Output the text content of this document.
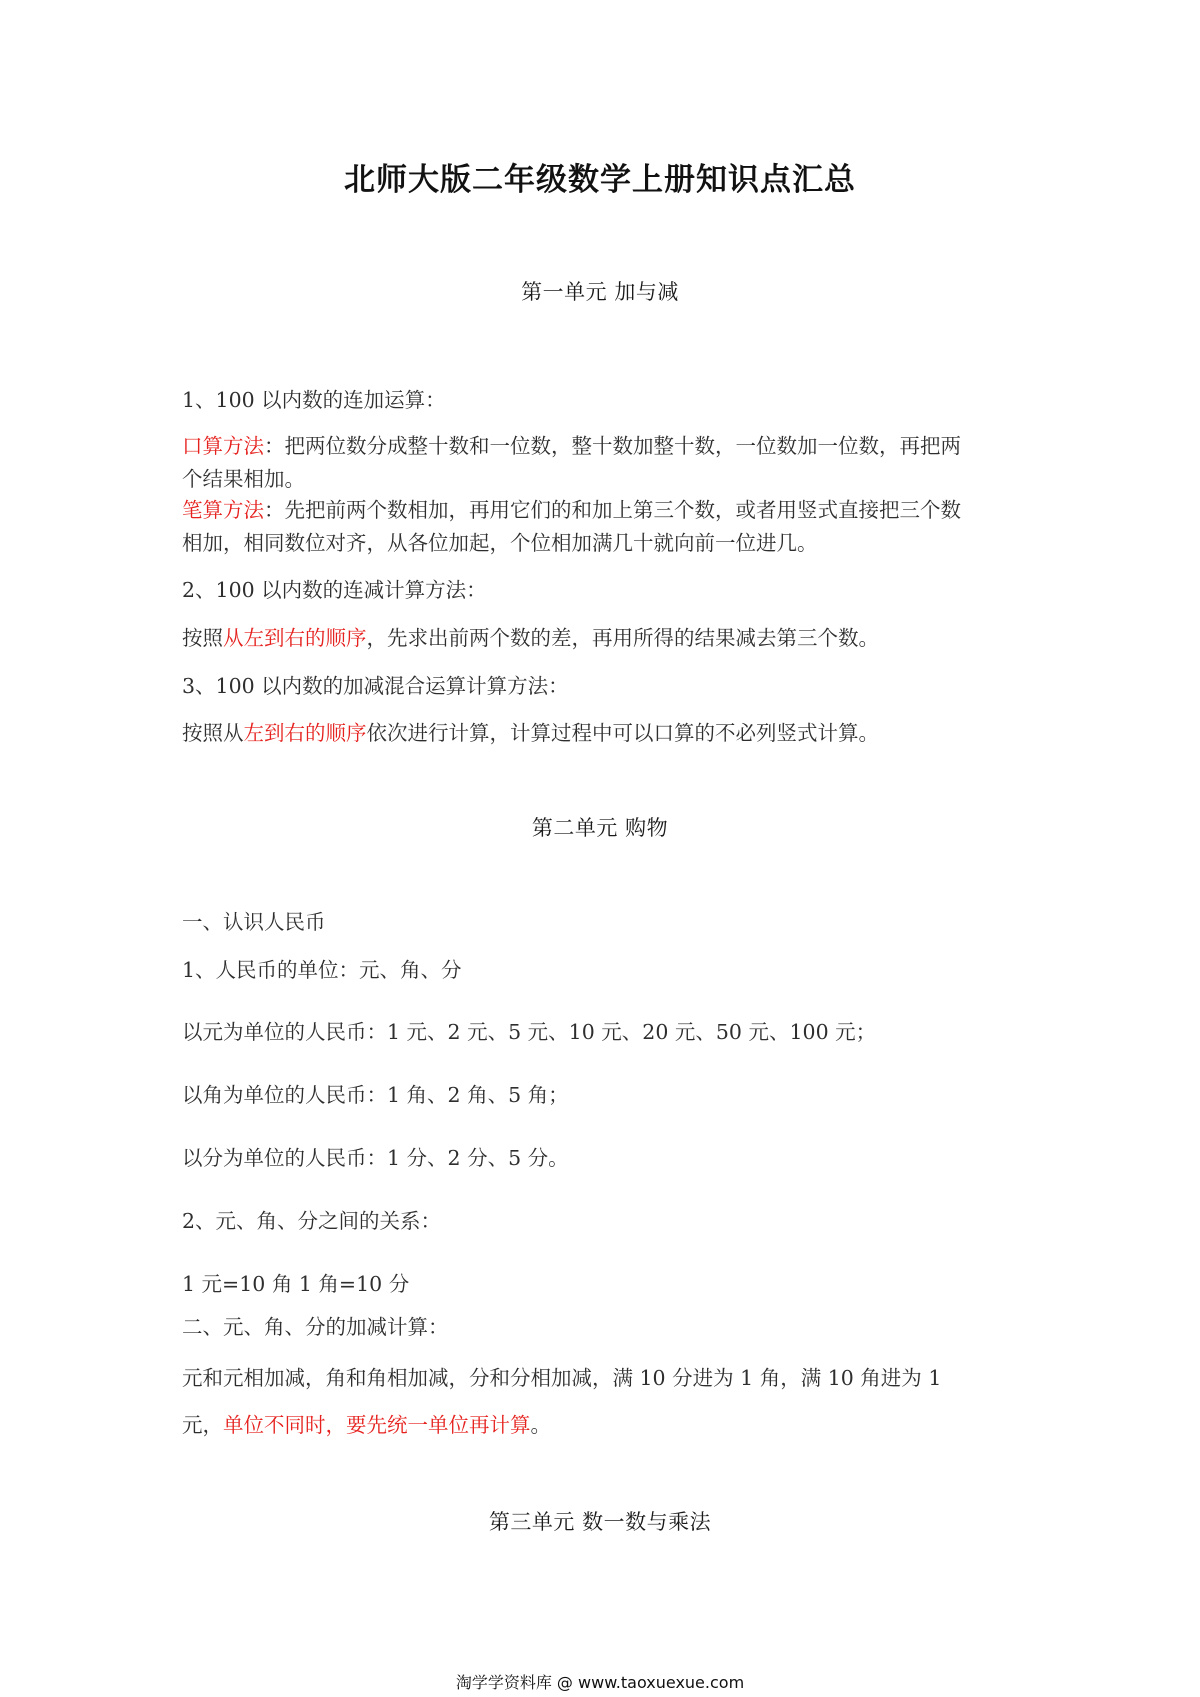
北师大版二年级数学上册知识点汇总
第一单元 加与减

1、100 以内数的连加运算：

口算方法：把两位数分成整十数和一位数，整十数加整十数，一位数加一位数，再把两

个结果相加。

笔算方法：先把前两个数相加，再用它们的和加上第三个数，或者用竖式直接把三个数

相加，相同数位对齐，从各位加起，个位相加满几十就向前一位进几。

2、100 以内数的连减计算方法：

按照从左到右的顺序，先求出前两个数的差，再用所得的结果减去第三个数。

3、100 以内数的加减混合运算计算方法：

按照从左到右的顺序依次进行计算，计算过程中可以口算的不必列竖式计算。

第二单元 购物

一、认识人民币

1、人民币的单位：元、角、分

以元为单位的人民币：1 元、2 元、5 元、10 元、20 元、50 元、100 元；

以角为单位的人民币：1 角、2 角、5 角；

以分为单位的人民币：1 分、2 分、5 分。

2、元、角、分之间的关系：

1 元=10 角 1 角=10 分

二、元、角、分的加减计算：

元和元相加减，角和角相加减，分和分相加减，满 10 分进为 1 角，满 10 角进为 1

元，单位不同时，要先统一单位再计算。

第三单元 数一数与乘法
淘学学资料库 @ www.taoxuexue.com
